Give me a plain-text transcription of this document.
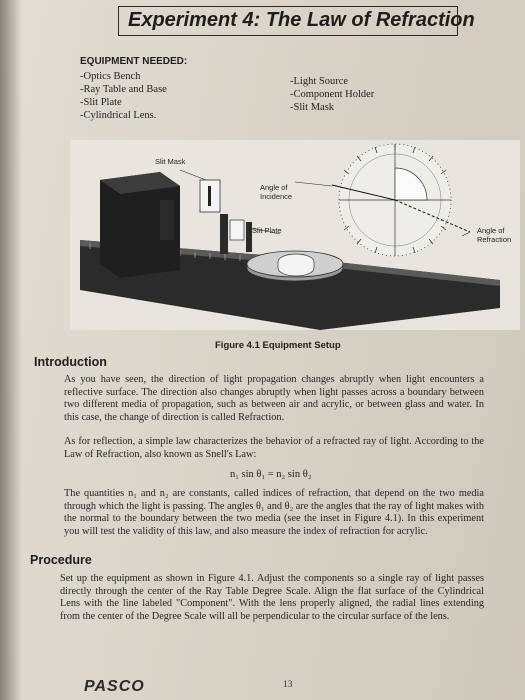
Experiment 4: The Law of Refraction
EQUIPMENT NEEDED:
-Optics Bench
-Ray Table and Base
-Slit Plate
-Cylindrical Lens.
-Light Source
-Component Holder
-Slit Mask
Slit Mask
Angle of
Incidence
Slit Plate	Angle of
Refraction
Figure 4.1 Equipment Setup
Introduction
As you have seen, the direction of light propagation changes abruptly when light encounters a reflective surface. The direction also changes abruptly when light passes across a boundary between two different media of propagation, such as between air and acrylic, or between glass and water. In this case, the change of direction is called Refraction.
As for reflection, a simple law characterizes the behavior of a refracted ray of light. According to the Law of Refraction, also known as Snell's Law:
n₁ sin θ₁ = n₂ sin θ₂
The quantities n₁ and n₂ are constants, called indices of refraction, that depend on the two media through which the light is passing. The angles θ₁ and θ₂ are the angles that the ray of light makes with the normal to the boundary between the two media (see the inset in Figure 4.1). In this experiment you will test the validity of this law, and also measure the index of refraction for acrylic.
Procedure
Set up the equipment as shown in Figure 4.1. Adjust the components so a single ray of light passes directly through the center of the Ray Table Degree Scale. Align the flat surface of the Cylindrical Lens with the line labeled "Component". With the lens properly aligned, the radial lines extending from the center of the Degree Scale will all be perpendicular to the circular surface of the lens.
PASCO	13
